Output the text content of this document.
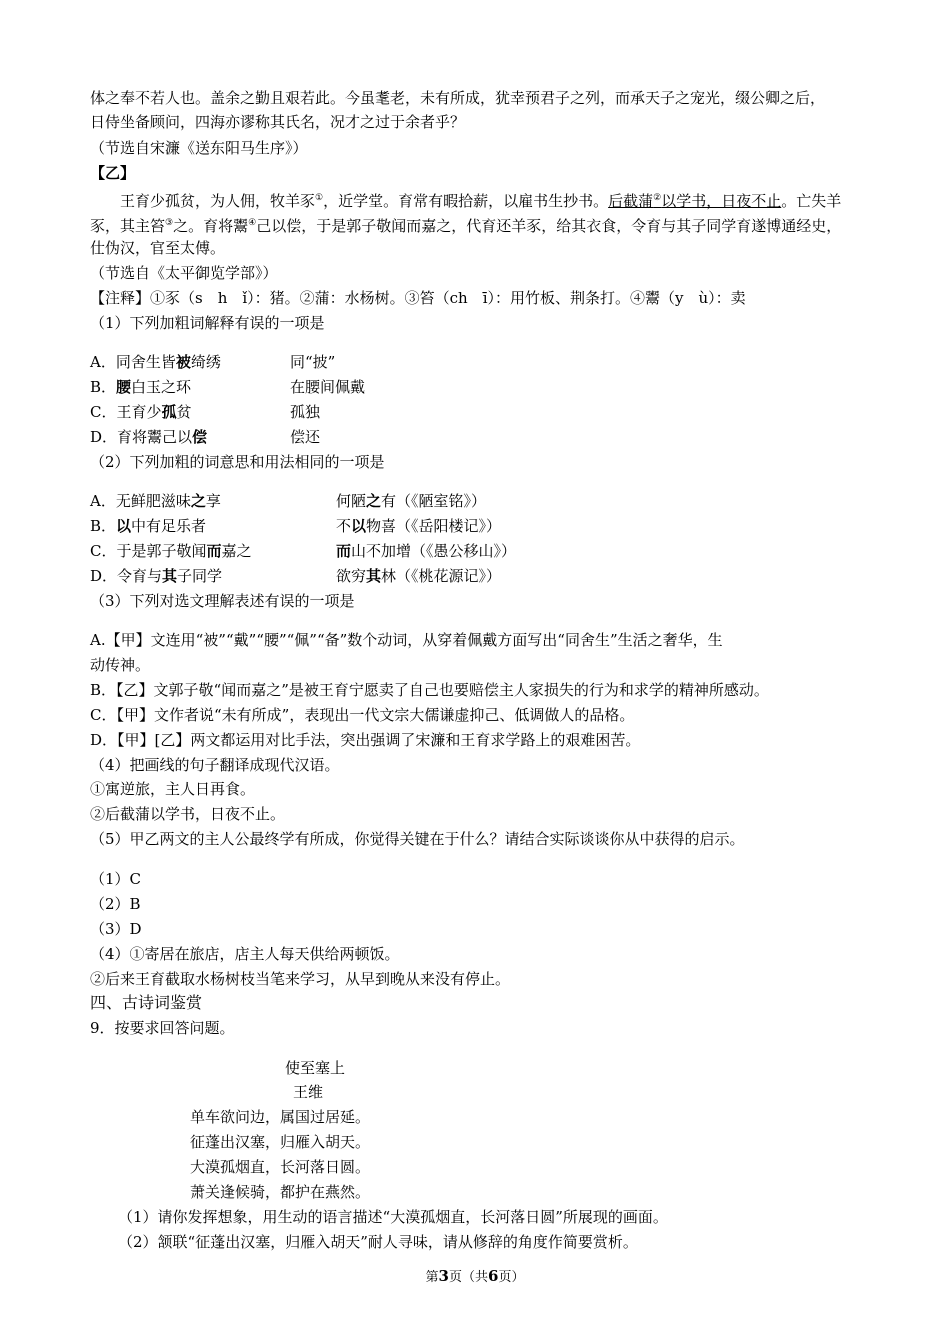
体之奉不若人也。盖余之勤且艰若此。今虽耄老，未有所成，犹幸预君子之列，而承天子之宠光，缀公卿之后，
日侍坐备顾问，四海亦谬称其氏名，况才之过于余者乎？
（节选自宋濂《送东阳马生序》）
【乙】
王育少孤贫，为人佣，牧羊豕①，近学堂。育常有暇拾薪，以雇书生抄书。后截蒲②以学书，日夜不止。亡失羊
豕，其主笞③之。育将鬻④己以偿，于是郭子敬闻而嘉之，代育还羊豕，给其衣食，令育与其子同学育遂博通经史，
仕伪汉，官至太傅。
（节选自《太平御览学部》）
【注释】①豕（s　h　ǐ）：猪。②蒲：水杨树。③笞（ch　ī）：用竹板、荆条打。④鬻（y　ù）：卖
（1）下列加粗词解释有误的一项是
A．同舍生皆被绮绣	同“披”
B．腰白玉之环	在腰间佩戴
C．王育少孤贫	孤独
D．育将鬻己以偿	偿还
（2）下列加粗的词意思和用法相同的一项是
A．无鲜肥滋味之享	何陋之有（《陋室铭》）
B．以中有足乐者	不以物喜（《岳阳楼记》）
C．于是郭子敬闻而嘉之	而山不加增（《愚公移山》）
D．令育与其子同学	欲穷其林（《桃花源记》）
（3）下列对选文理解表述有误的一项是
A.【甲】文连用“被”“戴”“腰”“佩”“备”数个动词，从穿着佩戴方面写出“同舍生”生活之奢华，生
动传神。
B．【乙】文郭子敬“闻而嘉之”是被王育宁愿卖了自己也要赔偿主人家损失的行为和求学的精神所感动。
C．【甲】文作者说“未有所成”，表现出一代文宗大儒谦虚抑己、低调做人的品格。
D．【甲】[乙】两文都运用对比手法，突出强调了宋濂和王育求学路上的艰难困苦。
（4）把画线的句子翻译成现代汉语。
①寓逆旅，主人日再食。
②后截蒲以学书，日夜不止。
（5）甲乙两文的主人公最终学有所成，你觉得关键在于什么？请结合实际谈谈你从中获得的启示。
（1）C
（2）B
（3）D
（4）①寄居在旅店，店主人每天供给两顿饭。
②后来王育截取水杨树枝当笔来学习，从早到晚从来没有停止。
四、古诗词鉴赏
9．按要求回答问题。
使至塞上
王维
单车欲问边，属国过居延。
征蓬出汉塞，归雁入胡天。
大漠孤烟直，长河落日圆。
萧关逢候骑，都护在燕然。
（1）请你发挥想象，用生动的语言描述“大漠孤烟直，长河落日圆”所展现的画面。
（2）颔联“征蓬出汉塞，归雁入胡天”耐人寻味，请从修辞的角度作简要赏析。
第3页（共6页）
